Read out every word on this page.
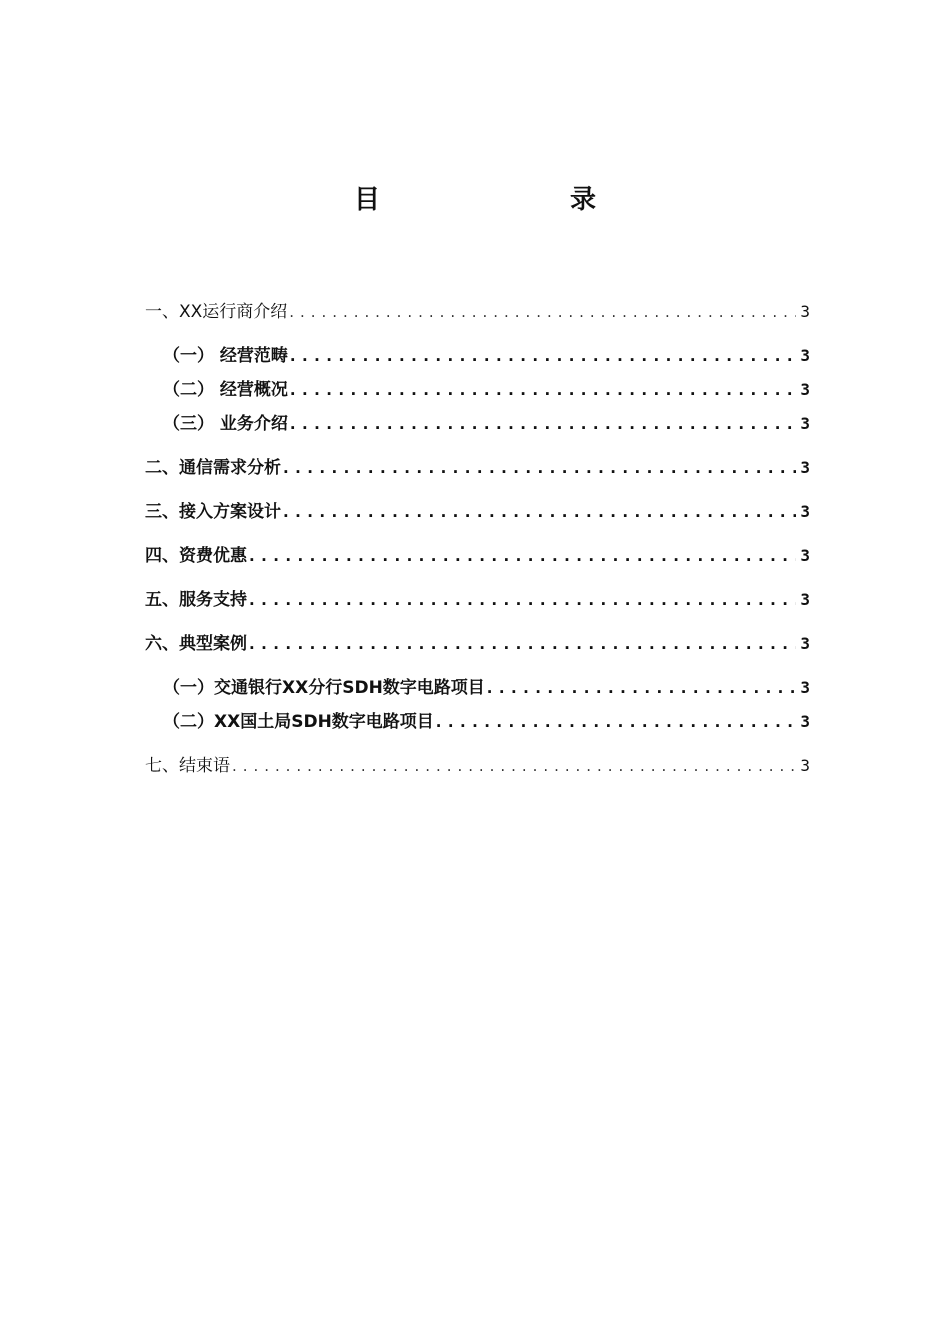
目　　录
一、XX运行商介绍 . . .	3
（一） 经营范畴 . . .	3
（二） 经营概况 . . .	3
（三） 业务介绍 . . .	3
二、通信需求分析 . . .	3
三、接入方案设计 . . .	3
四、资费优惠 . . .	3
五、服务支持 . . .	3
六、典型案例 . . .	3
（一）交通银行XX分行SDH数字电路项目 . . .	3
（二）XX国土局SDH数字电路项目 . . .	3
七、结束语 . . .	3
